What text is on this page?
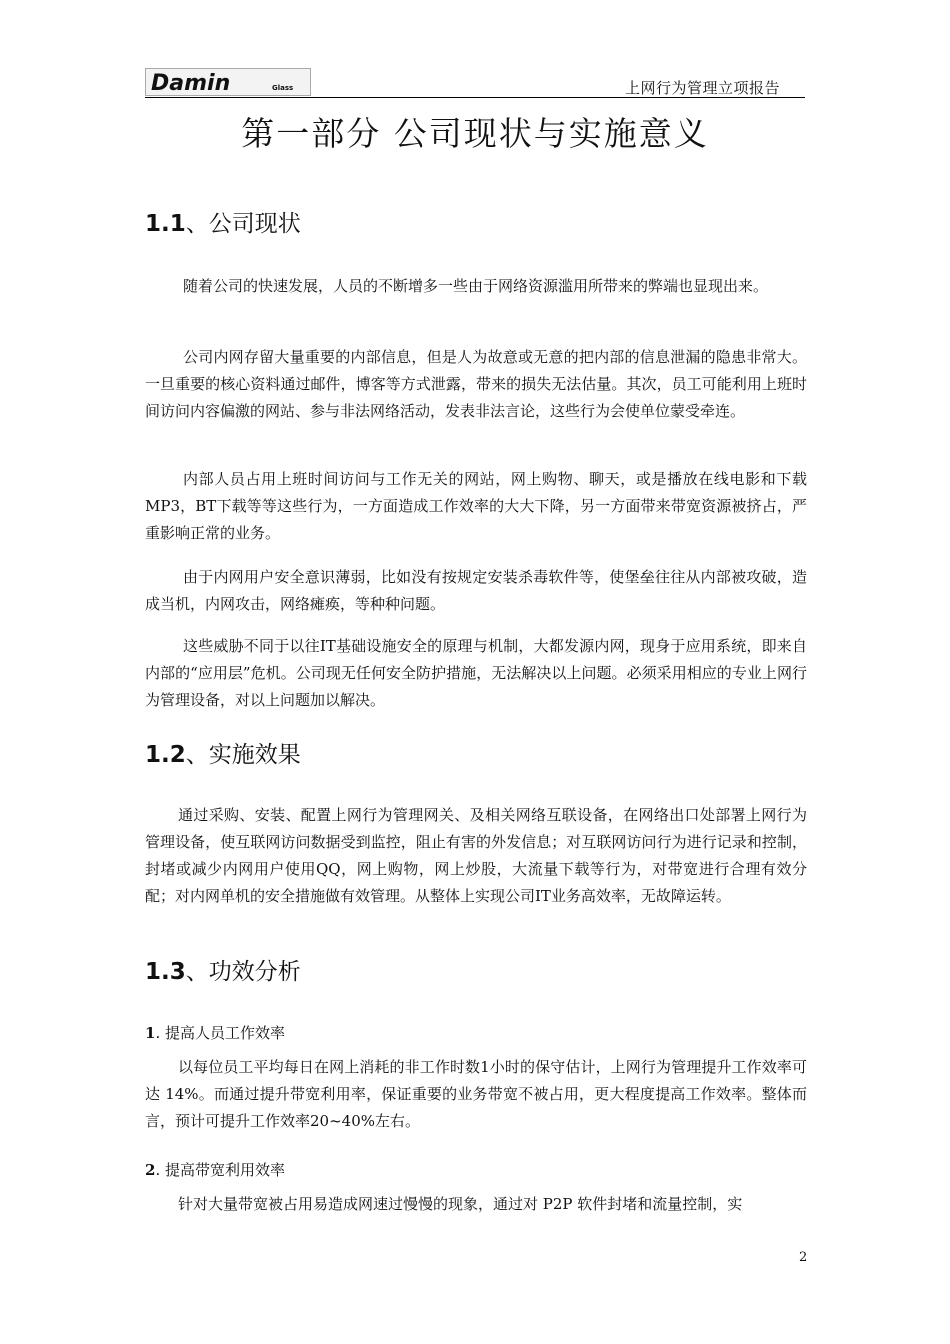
Damin	Glass	上网行为管理立项报告
第一部分 公司现状与实施意义
1.1、公司现状

随着公司的快速发展，人员的不断增多一些由于网络资源滥用所带来的弊端也显现出来。

公司内网存留大量重要的内部信息，但是人为故意或无意的把内部的信息泄漏的隐患非常大。一旦重要的核心资料通过邮件，博客等方式泄露，带来的损失无法估量。其次，员工可能利用上班时间访问内容偏激的网站、参与非法网络活动，发表非法言论，这些行为会使单位蒙受牵连。

内部人员占用上班时间访问与工作无关的网站，网上购物、聊天，或是播放在线电影和下载MP3，BT下载等等这些行为，一方面造成工作效率的大大下降，另一方面带来带宽资源被挤占，严重影响正常的业务。

由于内网用户安全意识薄弱，比如没有按规定安装杀毒软件等，使堡垒往往从内部被攻破，造成当机，内网攻击，网络瘫痪，等种种问题。

这些威胁不同于以往IT基础设施安全的原理与机制，大都发源内网，现身于应用系统，即来自内部的“应用层”危机。公司现无任何安全防护措施，无法解决以上问题。必须采用相应的专业上网行为管理设备，对以上问题加以解决。

1.2、实施效果

通过采购、安装、配置上网行为管理网关、及相关网络互联设备，在网络出口处部署上网行为管理设备，使互联网访问数据受到监控，阻止有害的外发信息；对互联网访问行为进行记录和控制，封堵或减少内网用户使用QQ，网上购物，网上炒股，大流量下载等行为，对带宽进行合理有效分配；对内网单机的安全措施做有效管理。从整体上实现公司IT业务高效率，无故障运转。

1.3、功效分析
1. 提高人员工作效率

以每位员工平均每日在网上消耗的非工作时数1小时的保守估计，上网行为管理提升工作效率可达 14%。而通过提升带宽利用率，保证重要的业务带宽不被占用，更大程度提高工作效率。整体而言，预计可提升工作效率20~40%左右。

2. 提高带宽利用效率

针对大量带宽被占用易造成网速过慢慢的现象，通过对 P2P 软件封堵和流量控制，实

2
